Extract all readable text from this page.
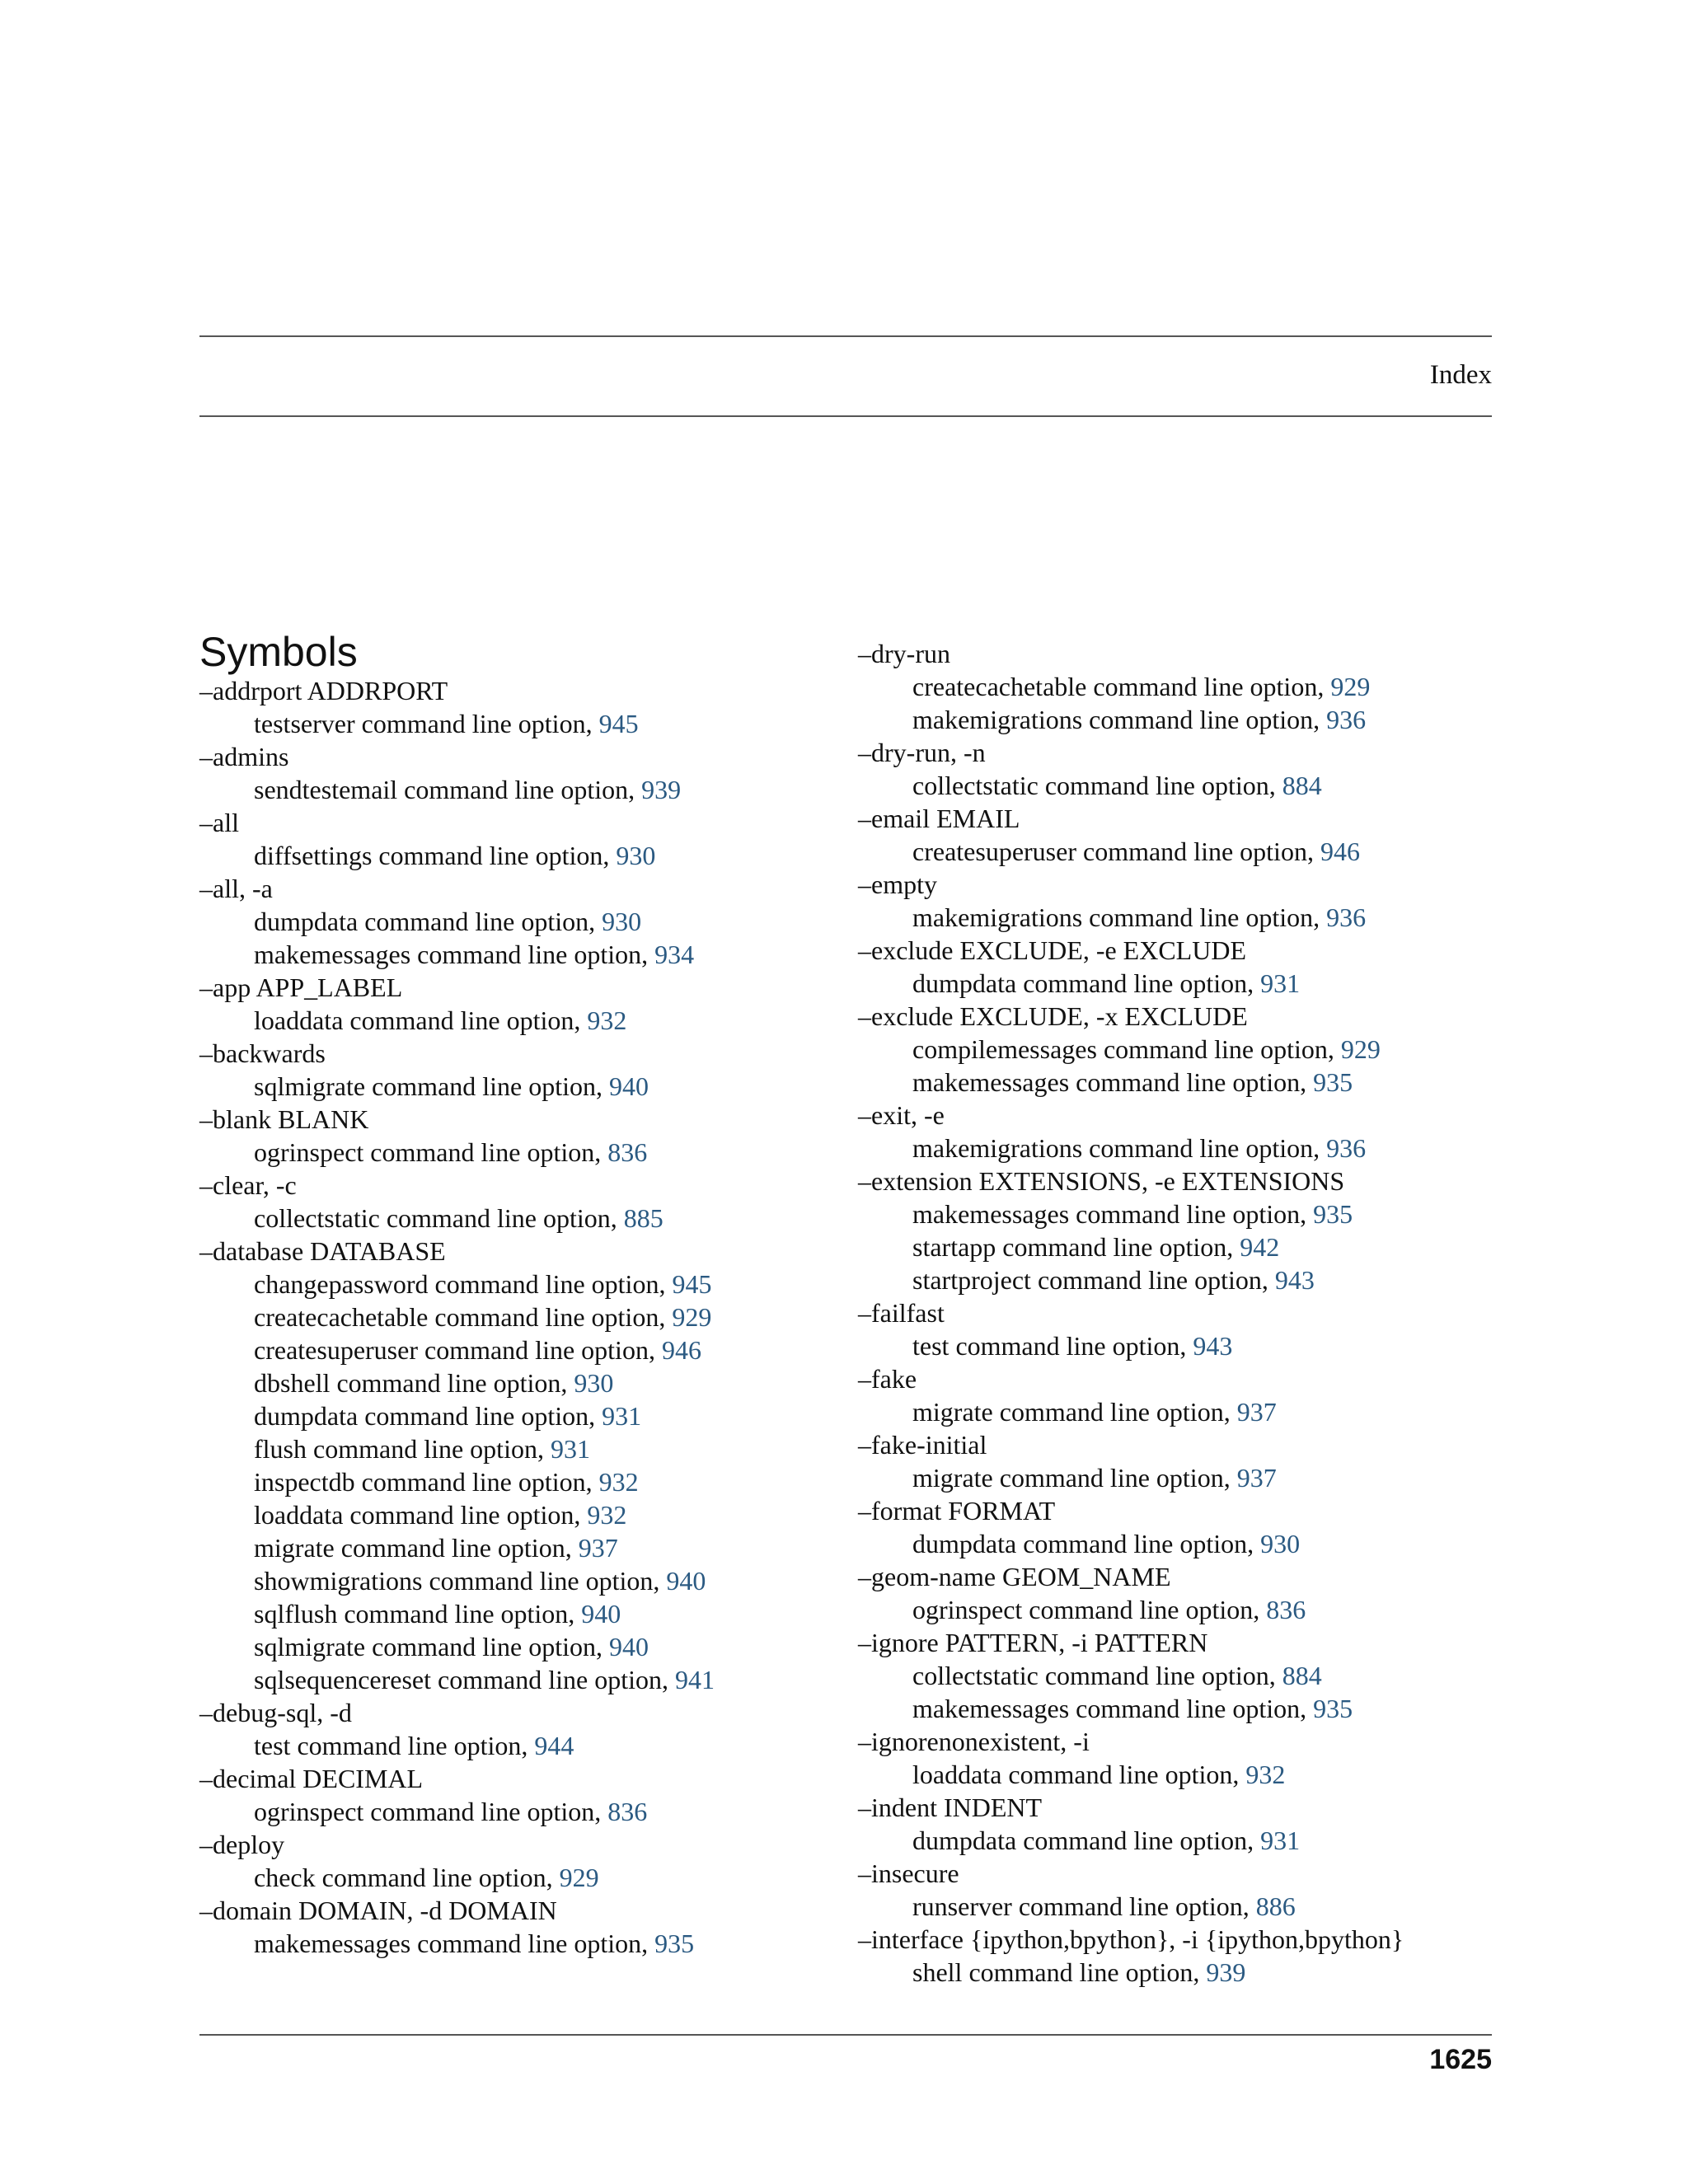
Index
Symbols
–addrport ADDRPORT
testserver command line option, 945
–admins
sendtestemail command line option, 939
–all
diffsettings command line option, 930
–all, -a
dumpdata command line option, 930
makemessages command line option, 934
–app APP_LABEL
loaddata command line option, 932
–backwards
sqlmigrate command line option, 940
–blank BLANK
ogrinspect command line option, 836
–clear, -c
collectstatic command line option, 885
–database DATABASE
changepassword command line option, 945
createcachetable command line option, 929
createsuperuser command line option, 946
dbshell command line option, 930
dumpdata command line option, 931
flush command line option, 931
inspectdb command line option, 932
loaddata command line option, 932
migrate command line option, 937
showmigrations command line option, 940
sqlflush command line option, 940
sqlmigrate command line option, 940
sqlsequencereset command line option, 941
–debug-sql, -d
test command line option, 944
–decimal DECIMAL
ogrinspect command line option, 836
–deploy
check command line option, 929
–domain DOMAIN, -d DOMAIN
makemessages command line option, 935
–dry-run
createcachetable command line option, 929
makemigrations command line option, 936
–dry-run, -n
collectstatic command line option, 884
–email EMAIL
createsuperuser command line option, 946
–empty
makemigrations command line option, 936
–exclude EXCLUDE, -e EXCLUDE
dumpdata command line option, 931
–exclude EXCLUDE, -x EXCLUDE
compilemessages command line option, 929
makemessages command line option, 935
–exit, -e
makemigrations command line option, 936
–extension EXTENSIONS, -e EXTENSIONS
makemessages command line option, 935
startapp command line option, 942
startproject command line option, 943
–failfast
test command line option, 943
–fake
migrate command line option, 937
–fake-initial
migrate command line option, 937
–format FORMAT
dumpdata command line option, 930
–geom-name GEOM_NAME
ogrinspect command line option, 836
–ignore PATTERN, -i PATTERN
collectstatic command line option, 884
makemessages command line option, 935
–ignorenonexistent, -i
loaddata command line option, 932
–indent INDENT
dumpdata command line option, 931
–insecure
runserver command line option, 886
–interface {ipython,bpython}, -i {ipython,bpython}
shell command line option, 939
1625
